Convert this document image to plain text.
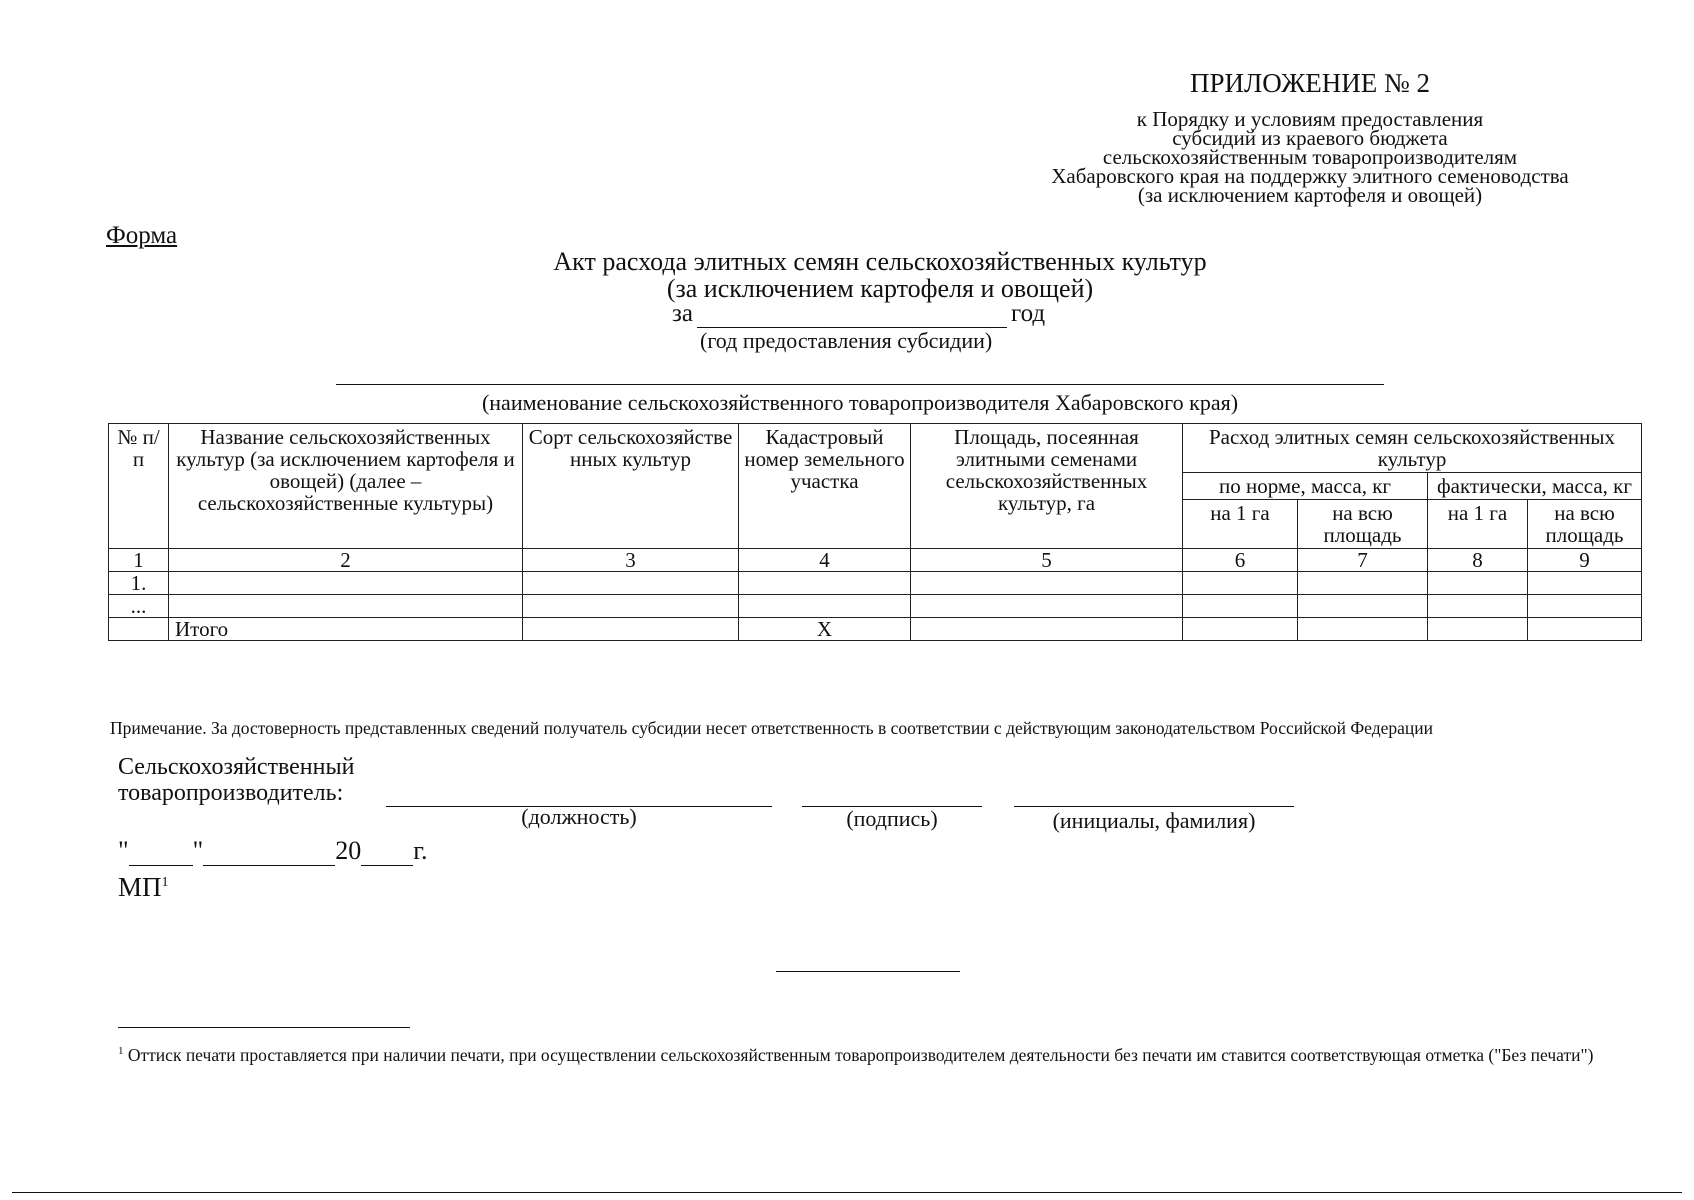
ПРИЛОЖЕНИЕ № 2
к Порядку и условиям предоставления
субсидий из краевого бюджета
сельскохозяйственным товаропроизводителям
Хабаровского края на поддержку элитного семеноводства
(за исключением картофеля и овощей)
Форма
Акт расхода элитных семян сельскохозяйственных культур
(за исключением картофеля и овощей)
за	год
(год предоставления субсидии)
(наименование сельскохозяйственного товаропроизводителя Хабаровского края)
№ п/п	Название сельскохозяйственных культур (за исключением картофеля и овощей) (далее – сельскохозяйственные культуры)	Сорт сельскохозяйстве нных культур	Кадастровый номер земельного участка	Площадь, посеянная элитными семенами сельскохозяйственных культур, га	Расход элитных семян сельскохозяйственных культур			
					по норме, масса, кг		фактически, масса, кг	
					на 1 га	на всю площадь	на 1 га	на всю площадь
1	2	3	4	5	6	7	8	9
1.								
...								
	Итого		X					
Примечание. За достоверность представленных сведений получатель субсидии несет ответственность в соответствии с действующим законодательством Российской Федерации
Сельскохозяйственный
товаропроизводитель:
(должность)	(подпись)	(инициалы, фамилия)
" "	20 г.
$МП^1$
$^1$ Оттиск печати проставляется при наличии печати, при осуществлении сельскохозяйственным товаропроизводителем деятельности без печати им ставится соответствующая отметка ("Без печати")
